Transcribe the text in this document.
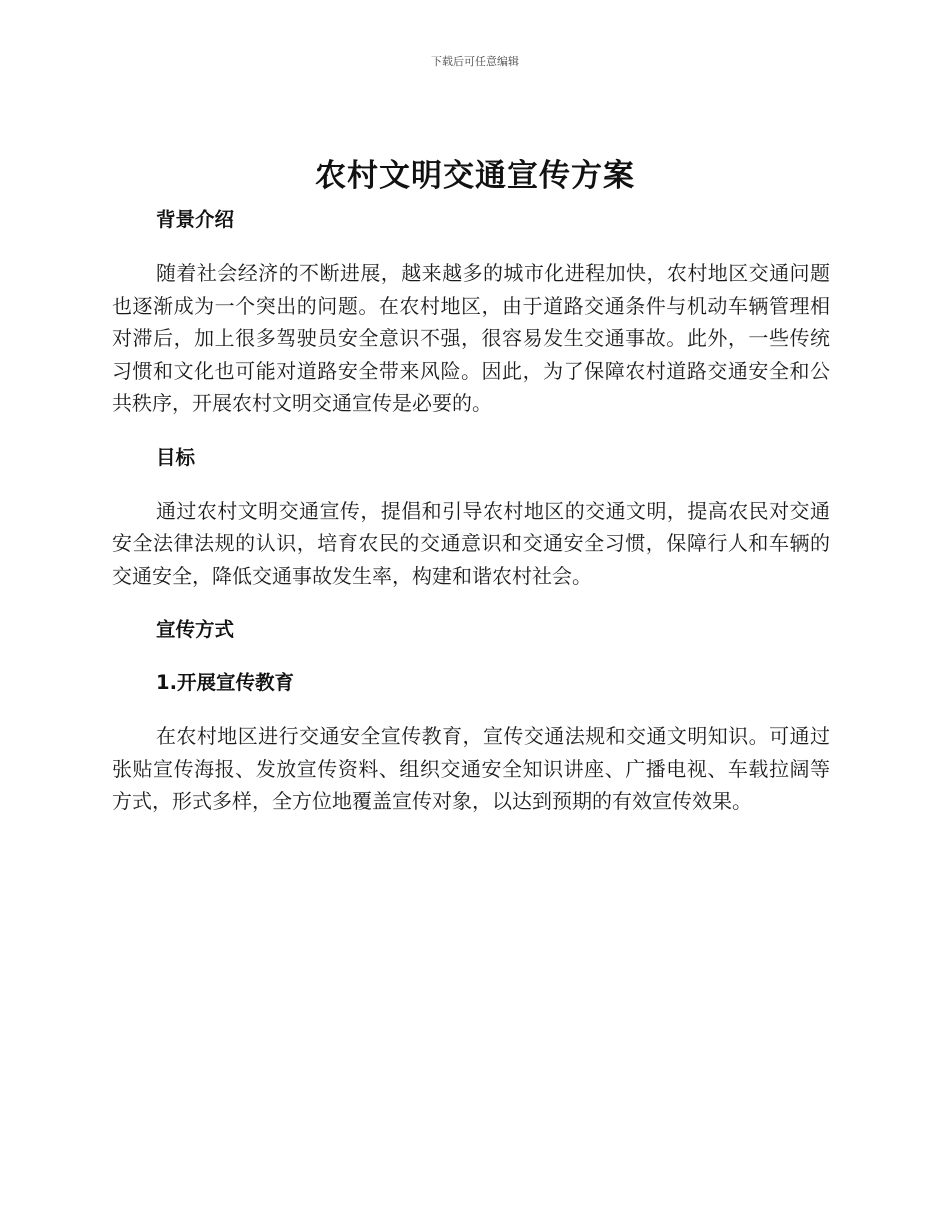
下载后可任意编辑
农村文明交通宣传方案
背景介绍

随着社会经济的不断进展，越来越多的城市化进程加快，农村地区交通问题也逐渐成为一个突出的问题。在农村地区，由于道路交通条件与机动车辆管理相对滞后，加上很多驾驶员安全意识不强，很容易发生交通事故。此外，一些传统习惯和文化也可能对道路安全带来风险。因此，为了保障农村道路交通安全和公共秩序，开展农村文明交通宣传是必要的。

目标

通过农村文明交通宣传，提倡和引导农村地区的交通文明，提高农民对交通安全法律法规的认识，培育农民的交通意识和交通安全习惯，保障行人和车辆的交通安全，降低交通事故发生率，构建和谐农村社会。

宣传方式
1.开展宣传教育

在农村地区进行交通安全宣传教育，宣传交通法规和交通文明知识。可通过张贴宣传海报、发放宣传资料、组织交通安全知识讲座、广播电视、车载拉阔等方式，形式多样，全方位地覆盖宣传对象，以达到预期的有效宣传效果。
